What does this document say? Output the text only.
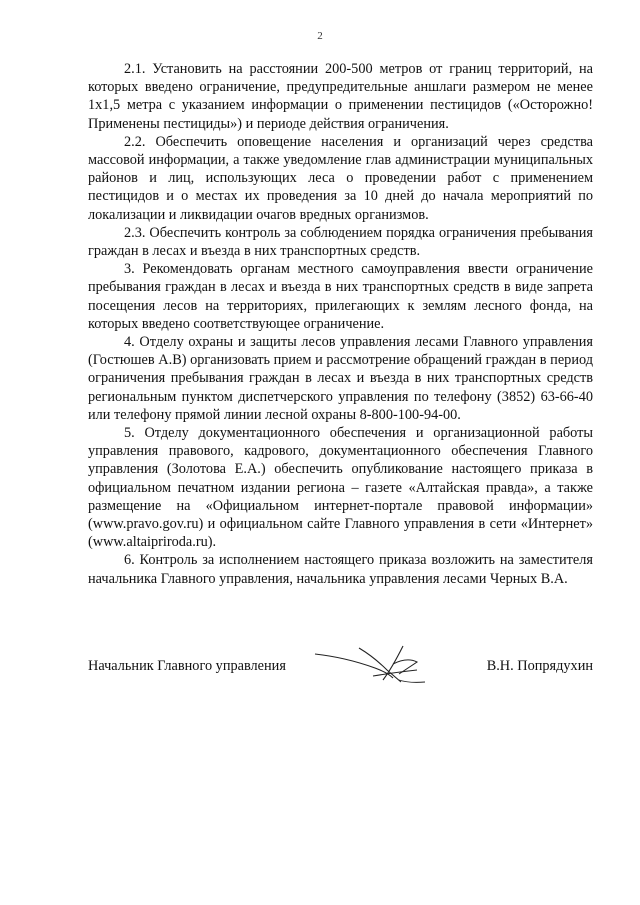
2

2.1. Установить на расстоянии 200-500 метров от границ территорий, на которых введено ограничение, предупредительные аншлаги размером не менее 1х1,5 метра с указанием информации о применении пестицидов («Осторожно! Применены пестициды») и периоде действия ограничения.

2.2. Обеспечить оповещение населения и организаций через средства массовой информации, а также уведомление глав администрации муниципальных районов и лиц, использующих леса о проведении работ с применением пестицидов и о местах их проведения за 10 дней до начала мероприятий по локализации и ликвидации очагов вредных организмов.

2.3. Обеспечить контроль за соблюдением порядка ограничения пребывания граждан в лесах и въезда в них транспортных средств.

3. Рекомендовать органам местного самоуправления ввести ограничение пребывания граждан в лесах и въезда в них транспортных средств в виде запрета посещения лесов на территориях, прилегающих к землям лесного фонда, на которых введено соответствующее ограничение.

4. Отделу охраны и защиты лесов управления лесами Главного управления (Гостюшев А.В) организовать прием и рассмотрение обращений граждан в период ограничения пребывания граждан в лесах и въезда в них транспортных средств региональным пунктом диспетчерского управления по телефону (3852) 63-66-40 или телефону прямой линии лесной охраны 8-800-100-94-00.

5. Отделу документационного обеспечения и организационной работы управления правового, кадрового, документационного обеспечения Главного управления (Золотова Е.А.) обеспечить опубликование настоящего приказа в официальном печатном издании региона – газете «Алтайская правда», а также размещение на «Официальном интернет-портале правовой информации» (www.pravo.gov.ru) и официальном сайте Главного управления в сети «Интернет» (www.altaipriroda.ru).

6. Контроль за исполнением настоящего приказа возложить на заместителя начальника Главного управления, начальника управления лесами Черных В.А.

Начальник Главного управления	В.Н. Попрядухин
